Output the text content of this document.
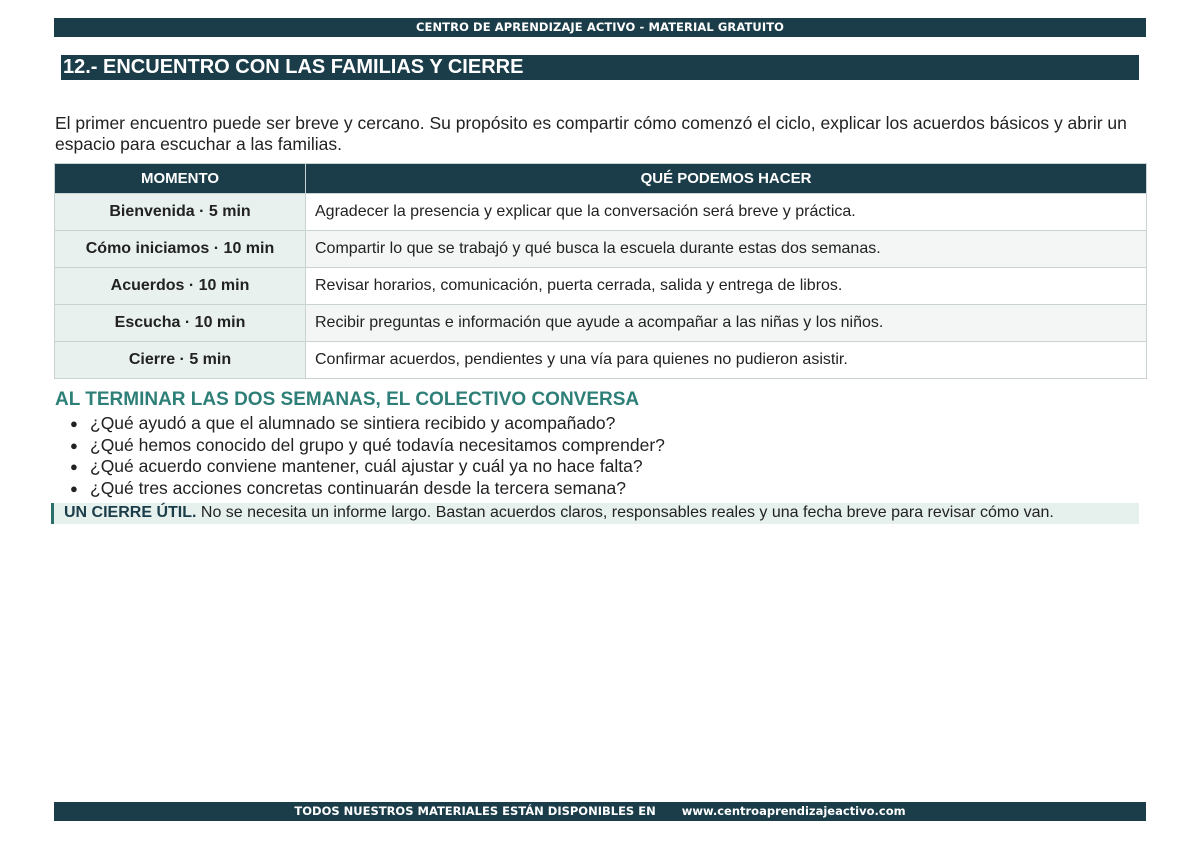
CENTRO DE APRENDIZAJE ACTIVO - MATERIAL GRATUITO
12.- ENCUENTRO CON LAS FAMILIAS Y CIERRE

El primer encuentro puede ser breve y cercano. Su propósito es compartir cómo comenzó el ciclo, explicar los acuerdos básicos y abrir un espacio para escuchar a las familias.

MOMENTO	QUÉ PODEMOS HACER
Bienvenida · 5 min	Agradecer la presencia y explicar que la conversación será breve y práctica.
Cómo iniciamos · 10 min	Compartir lo que se trabajó y qué busca la escuela durante estas dos semanas.
Acuerdos · 10 min	Revisar horarios, comunicación, puerta cerrada, salida y entrega de libros.
Escucha · 10 min	Recibir preguntas e información que ayude a acompañar a las niñas y los niños.
Cierre · 5 min	Confirmar acuerdos, pendientes y una vía para quienes no pudieron asistir.
AL TERMINAR LAS DOS SEMANAS, EL COLECTIVO CONVERSA
● ¿Qué ayudó a que el alumnado se sintiera recibido y acompañado?
● ¿Qué hemos conocido del grupo y qué todavía necesitamos comprender?
● ¿Qué acuerdo conviene mantener, cuál ajustar y cuál ya no hace falta?
● ¿Qué tres acciones concretas continuarán desde la tercera semana?
UN CIERRE ÚTIL. No se necesita un informe largo. Bastan acuerdos claros, responsables reales y una fecha breve para revisar cómo van.
TODOS NUESTROS MATERIALES ESTÁN DISPONIBLES EN www.centroaprendizajeactivo.com
